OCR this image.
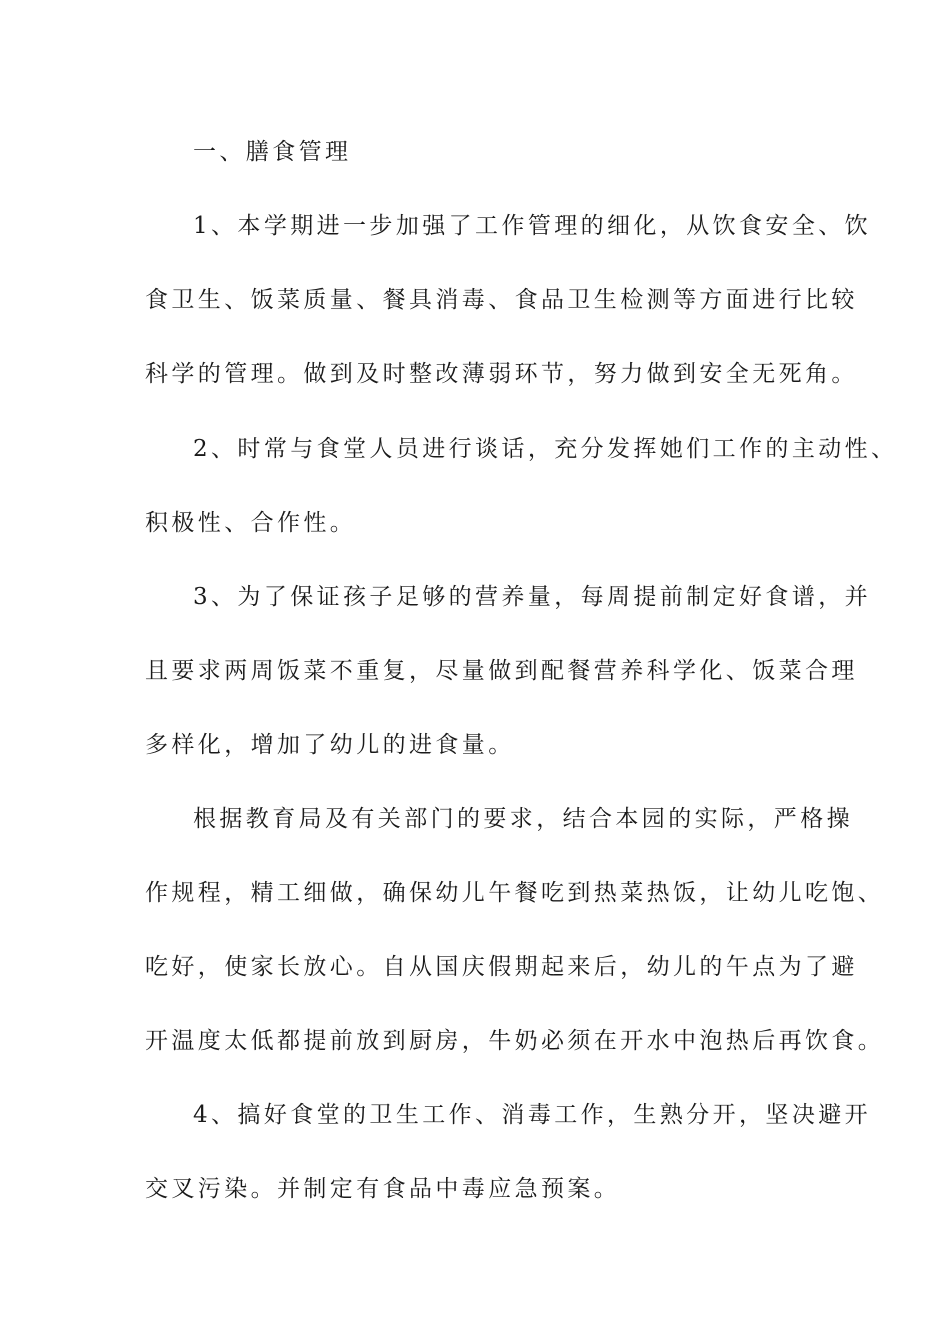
一、膳食管理
1、本学期进一步加强了工作管理的细化，从饮食安全、饮
食卫生、饭菜质量、餐具消毒、食品卫生检测等方面进行比较
科学的管理。做到及时整改薄弱环节，努力做到安全无死角。
2、时常与食堂人员进行谈话，充分发挥她们工作的主动性、
积极性、合作性。
3、为了保证孩子足够的营养量，每周提前制定好食谱，并
且要求两周饭菜不重复，尽量做到配餐营养科学化、饭菜合理
多样化，增加了幼儿的进食量。
根据教育局及有关部门的要求，结合本园的实际，严格操
作规程，精工细做，确保幼儿午餐吃到热菜热饭，让幼儿吃饱、
吃好，使家长放心。自从国庆假期起来后，幼儿的午点为了避
开温度太低都提前放到厨房，牛奶必须在开水中泡热后再饮食。
4、搞好食堂的卫生工作、消毒工作，生熟分开，坚决避开
交叉污染。并制定有食品中毒应急预案。
